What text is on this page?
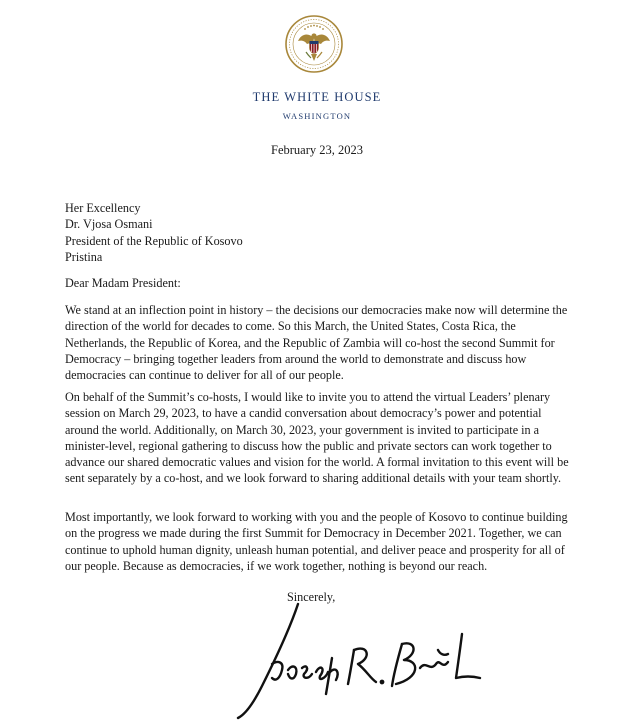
THE WHITE HOUSE
WASHINGTON
February 23, 2023
Her Excellency
Dr. Vjosa Osmani
President of the Republic of Kosovo
Pristina
Dear Madam President:

We stand at an inflection point in history – the decisions our democracies make now will determine the direction of the world for decades to come. So this March, the United States, Costa Rica, the Netherlands, the Republic of Korea, and the Republic of Zambia will co-host the second Summit for Democracy – bringing together leaders from around the world to demonstrate and discuss how democracies can continue to deliver for all of our people.

On behalf of the Summit’s co-hosts, I would like to invite you to attend the virtual Leaders’ plenary session on March 29, 2023, to have a candid conversation about democracy’s power and potential around the world. Additionally, on March 30, 2023, your government is invited to participate in a minister-level, regional gathering to discuss how the public and private sectors can work together to advance our shared democratic values and vision for the world. A formal invitation to this event will be sent separately by a co-host, and we look forward to sharing additional details with your team shortly.

Most importantly, we look forward to working with you and the people of Kosovo to continue building on the progress we made during the first Summit for Democracy in December 2021. Together, we can continue to uphold human dignity, unleash human potential, and deliver peace and prosperity for all of our people. Because as democracies, if we work together, nothing is beyond our reach.

Sincerely,
